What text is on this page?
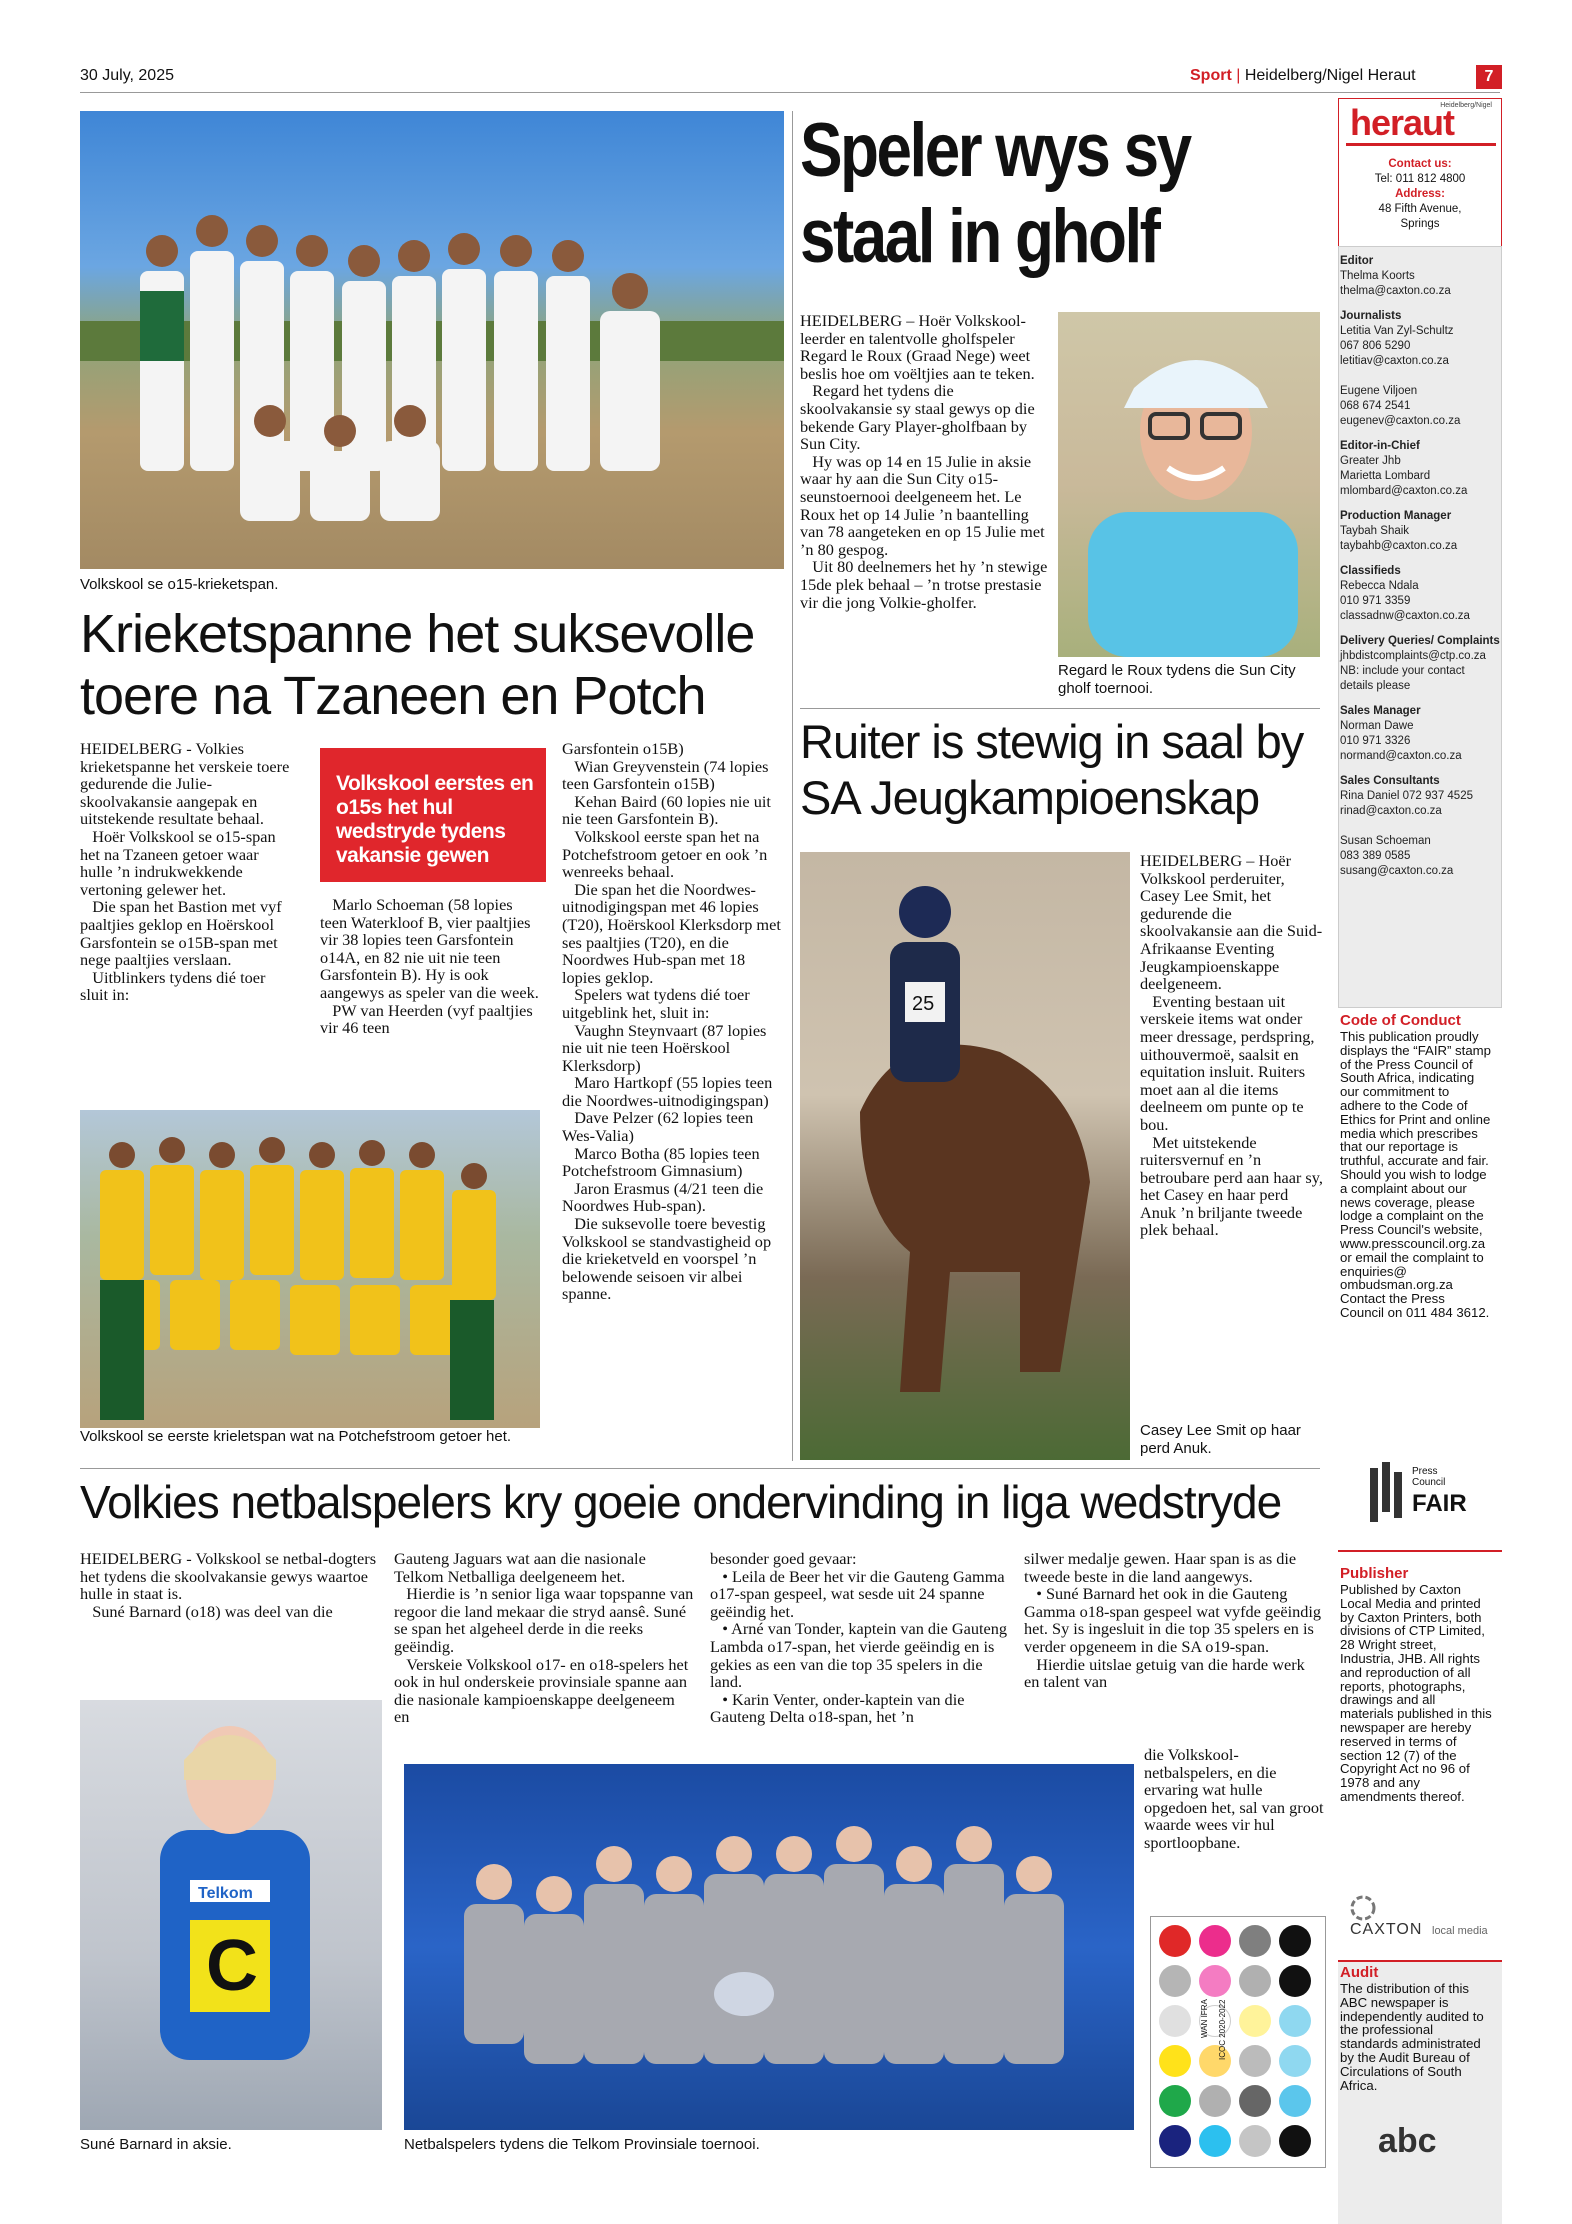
30 July, 2025	Sport | Heidelberg/Nigel Heraut	7
Heidelberg/Nigel
heraut
Contact us:
Tel: 011 812 4800
Address:
48 Fifth Avenue,
Springs
Editor
Thelma Koorts
thelma@caxton.co.za
Journalists
Letitia Van Zyl-Schultz
067 806 5290
letitiav@caxton.co.za
Eugene Viljoen
068 674 2541
eugenev@caxton.co.za
Editor-in-Chief
Greater Jhb
Marietta Lombard
mlombard@caxton.co.za
Production Manager
Taybah Shaik
taybahb@caxton.co.za
Classifieds
Rebecca Ndala
010 971 3359
classadnw@caxton.co.za
Delivery Queries/ Complaints
jhbdistcomplaints@ctp.co.za
NB: include your contact
details please
Sales Manager
Norman Dawe
010 971 3326
normand@caxton.co.za
Sales Consultants
Rina Daniel 072 937 4525
rinad@caxton.co.za
Susan Schoeman
083 389 0585
susang@caxton.co.za
Code of Conduct
This publication proudly displays the “FAIR” stamp of the Press Council of South Africa, indicating our commitment to adhere to the Code of Ethics for Print and online media which prescribes that our reportage is truthful, accurate and fair. Should you wish to lodge a complaint about our news coverage, please lodge a complaint on the Press Council's website, www.presscouncil.org.za or email the complaint to enquiries@ ombudsman.org.za Contact the Press Council on 011 484 3612.
Press Council
FAIR
Publisher
Published by Caxton Local Media and printed by Caxton Printers, both divisions of CTP Limited, 28 Wright street, Industria, JHB. All rights and reproduction of all reports, photographs, drawings and all materials published in this newspaper are hereby reserved in terms of section 12 (7) of the Copyright Act no 96 of 1978 and any amendments thereof.
CAXTON local media
Audit
The distribution of this ABC newspaper is independently audited to the professional standards administrated by the Audit Bureau of Circulations of South Africa.
abc
Volkskool se o15-krieketspan.
Krieketspanne het suksevolle toere na Tzaneen en Potch
HEIDELBERG - Volkies krieketspanne het verskeie toere gedurende die Julie-skoolvakansie aangepak en uitstekende resultate behaal.
Hoër Volkskool se o15-span het na Tzaneen getoer waar hulle ’n indrukwekkende vertoning gelewer het.
Die span het Bastion met vyf paaltjies geklop en Hoërskool Garsfontein se o15B-span met nege paaltjies verslaan.
Uitblinkers tydens dié toer sluit in:
Volkskool eerstes en o15s het hul wedstryde tydens vakansie gewen
Marlo Schoeman (58 lopies teen Waterkloof B, vier paaltjies vir 38 lopies teen Garsfontein o14A, en 82 nie uit nie teen Garsfontein B). Hy is ook aangewys as speler van die week.
PW van Heerden (vyf paaltjies vir 46 teen
Garsfontein o15B)
Wian Greyvenstein (74 lopies teen Garsfontein o15B)
Kehan Baird (60 lopies nie uit nie teen Garsfontein B).
Volkskool eerste span het na Potchefstroom getoer en ook ’n wenreeks behaal.
Die span het die Noordwes-uitnodigingspan met 46 lopies (T20), Hoërskool Klerksdorp met ses paaltjies (T20), en die Noordwes Hub-span met 18 lopies geklop.
Spelers wat tydens dié toer uitgeblink het, sluit in:
Vaughn Steynvaart (87 lopies nie uit nie teen Hoërskool Klerksdorp)
Maro Hartkopf (55 lopies teen die Noordwes-uitnodigingspan)
Dave Pelzer (62 lopies teen Wes-Valia)
Marco Botha (85 lopies teen Potchefstroom Gimnasium)
Jaron Erasmus (4/21 teen die Noordwes Hub-span).
Die suksevolle toere bevestig Volkskool se standvastigheid op die krieketveld en voorspel ’n belowende seisoen vir albei spanne.
Volkskool se eerste krieletspan wat na Potchefstroom getoer het.
Speler wys sy staal in gholf
HEIDELBERG – Hoër Volkskool-leerder en talentvolle gholfspeler Regard le Roux (Graad Nege) weet beslis hoe om voëltjies aan te teken.
Regard het tydens die skoolvakansie sy staal gewys op die bekende Gary Player-gholfbaan by Sun City.
Hy was op 14 en 15 Julie in aksie waar hy aan die Sun City o15-seunstoernooi deelgeneem het. Le Roux het op 14 Julie ’n baantelling van 78 aangeteken en op 15 Julie met ’n 80 gespog.
Uit 80 deelnemers het hy ’n stewige 15de plek behaal – ’n trotse prestasie vir die jong Volkie-gholfer.
Regard le Roux tydens die Sun City gholf toernooi.
Ruiter is stewig in saal by SA Jeugkampioenskap
25
HEIDELBERG – Hoër Volkskool perderuiter, Casey Lee Smit, het gedurende die skoolvakansie aan die Suid-Afrikaanse Eventing Jeugkampioenskappe deelgeneem.
Eventing bestaan uit verskeie items wat onder meer dressage, perdspring, uithouvermoë, saalsit en equitation insluit. Ruiters moet aan al die items deelneem om punte op te bou.
Met uitstekende ruitersvernuf en ’n betroubare perd aan haar sy, het Casey en haar perd Anuk ’n briljante tweede plek behaal.
Casey Lee Smit op haar perd Anuk.
Volkies netbalspelers kry goeie ondervinding in liga wedstryde
HEIDELBERG - Volkskool se netbal-dogters het tydens die skoolvakansie gewys waartoe hulle in staat is.
Suné Barnard (o18) was deel van die
Gauteng Jaguars wat aan die nasionale Telkom Netballiga deelgeneem het.
Hierdie is ’n senior liga waar topspanne van regoor die land mekaar die stryd aansê. Suné se span het algeheel derde in die reeks geëindig.
Verskeie Volkskool o17- en o18-spelers het ook in hul onderskeie provinsiale spanne aan die nasionale kampioenskappe deelgeneem en
besonder goed gevaar:
• Leila de Beer het vir die Gauteng Gamma o17-span gespeel, wat sesde uit 24 spanne geëindig het.
• Arné van Tonder, kaptein van die Gauteng Lambda o17-span, het vierde geëindig en is gekies as een van die top 35 spelers in die land.
• Karin Venter, onder-kaptein van die Gauteng Delta o18-span, het ’n
silwer medalje gewen. Haar span is as die tweede beste in die land aangewys.
• Suné Barnard het ook in die Gauteng Gamma o18-span gespeel wat vyfde geëindig het. Sy is ingesluit in die top 35 spelers en is verder opgeneem in die SA o19-span.
Hierdie uitslae getuig van die harde werk en talent van
die Volkskool-netbalspelers, en die ervaring wat hulle opgedoen het, sal van groot waarde wees vir hul sportloopbane.
C
Telkom
Suné Barnard in aksie.	Netbalspelers tydens die Telkom Provinsiale toernooi.
WAN IFRA ICOC 2020-2022
